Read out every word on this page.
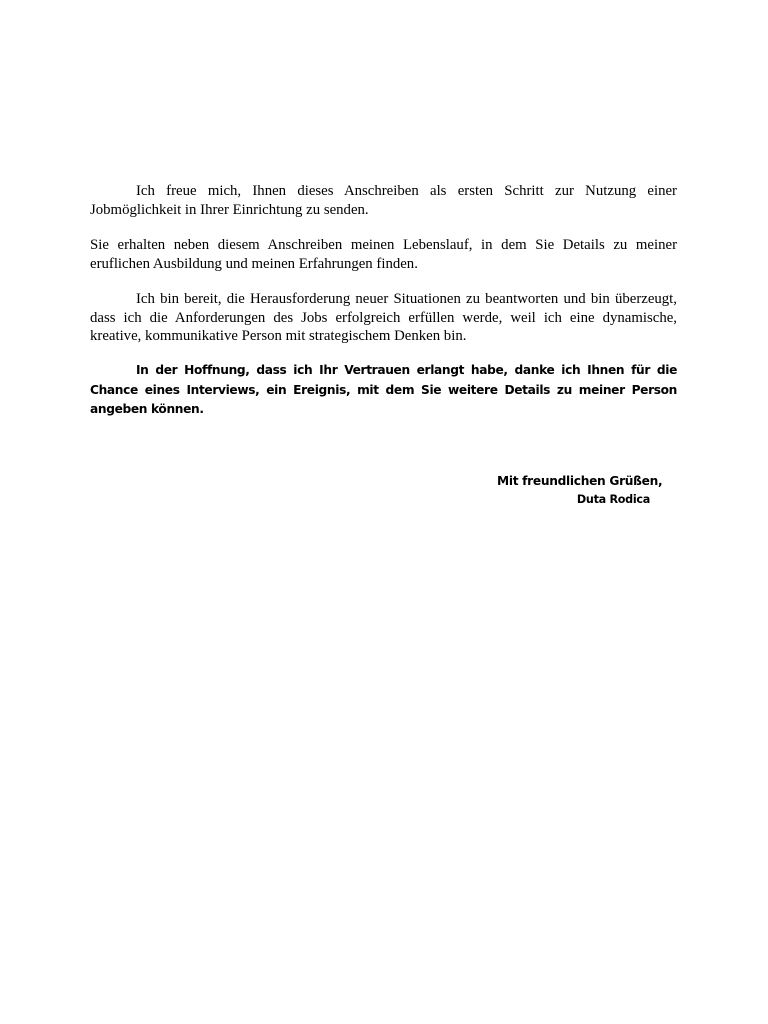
Ich freue mich, Ihnen dieses Anschreiben als ersten Schritt zur Nutzung einer Jobmöglichkeit in Ihrer Einrichtung zu senden.

Sie erhalten neben diesem Anschreiben meinen Lebenslauf, in dem Sie Details zu meiner eruflichen Ausbildung und meinen Erfahrungen finden.

Ich bin bereit, die Herausforderung neuer Situationen zu beantworten und bin überzeugt, dass ich die Anforderungen des Jobs erfolgreich erfüllen werde, weil ich eine dynamische, kreative, kommunikative Person mit strategischem Denken bin.

In der Hoffnung, dass ich Ihr Vertrauen erlangt habe, danke ich Ihnen für die Chance eines Interviews, ein Ereignis, mit dem Sie weitere Details zu meiner Person angeben können.

Mit freundlichen Grüßen,

Duta Rodica
